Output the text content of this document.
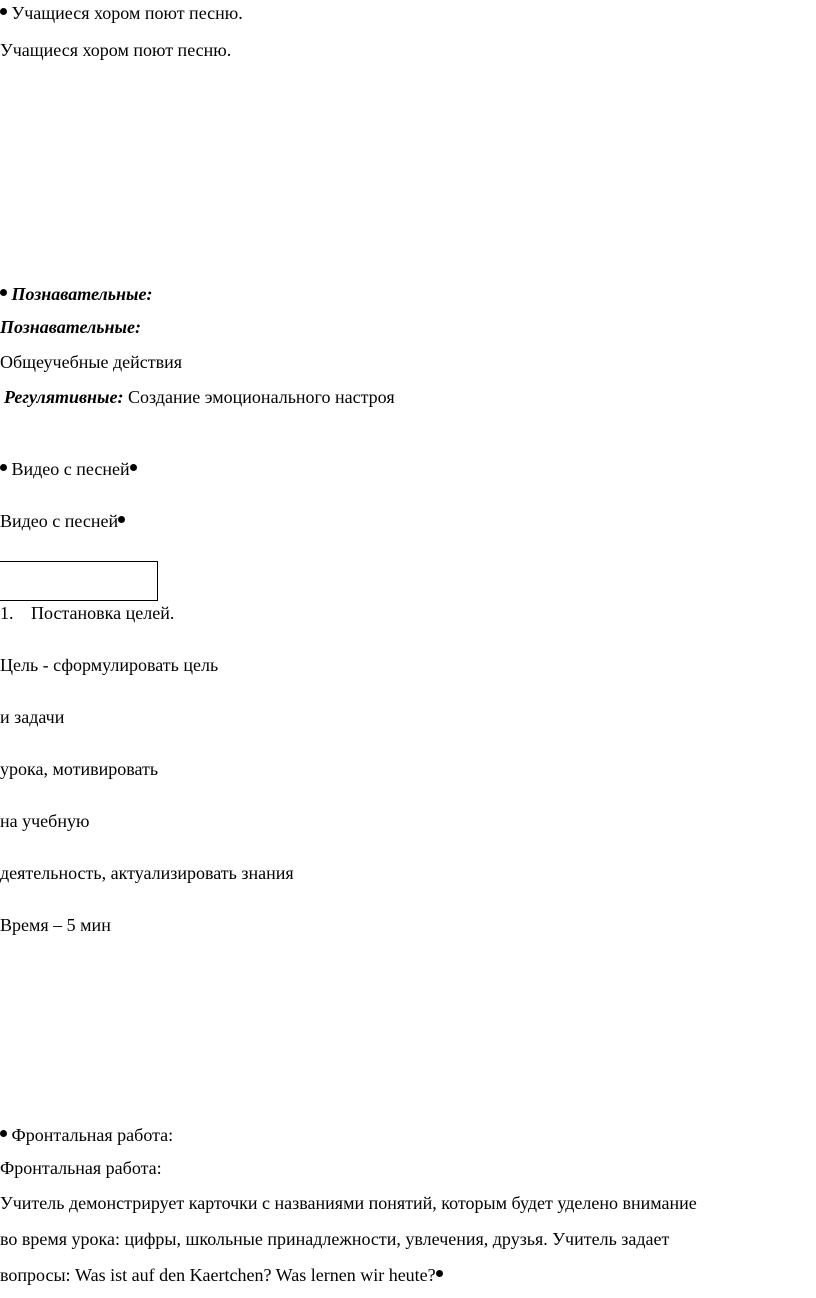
Учащиеся хором поют песню.
Учащиеся хором поют песню.
Познавательные:
Познавательные:
Общеучебные действия
Регулятивные: Создание эмоционального настроя
Видео с песней
Видео с песней
1. Постановка целей.
Цель - сформулировать цель
и задачи
урока, мотивировать
на учебную
деятельность, актуализировать знания
Время – 5 мин
Фронтальная работа:
Фронтальная работа:
Учитель демонстрирует карточки с названиями понятий, которым будет уделено внимание
во время урока: цифры, школьные принадлежности, увлечения, друзья. Учитель задает
вопросы: Was ist auf den Kaertchen? Was lernen wir heute?
